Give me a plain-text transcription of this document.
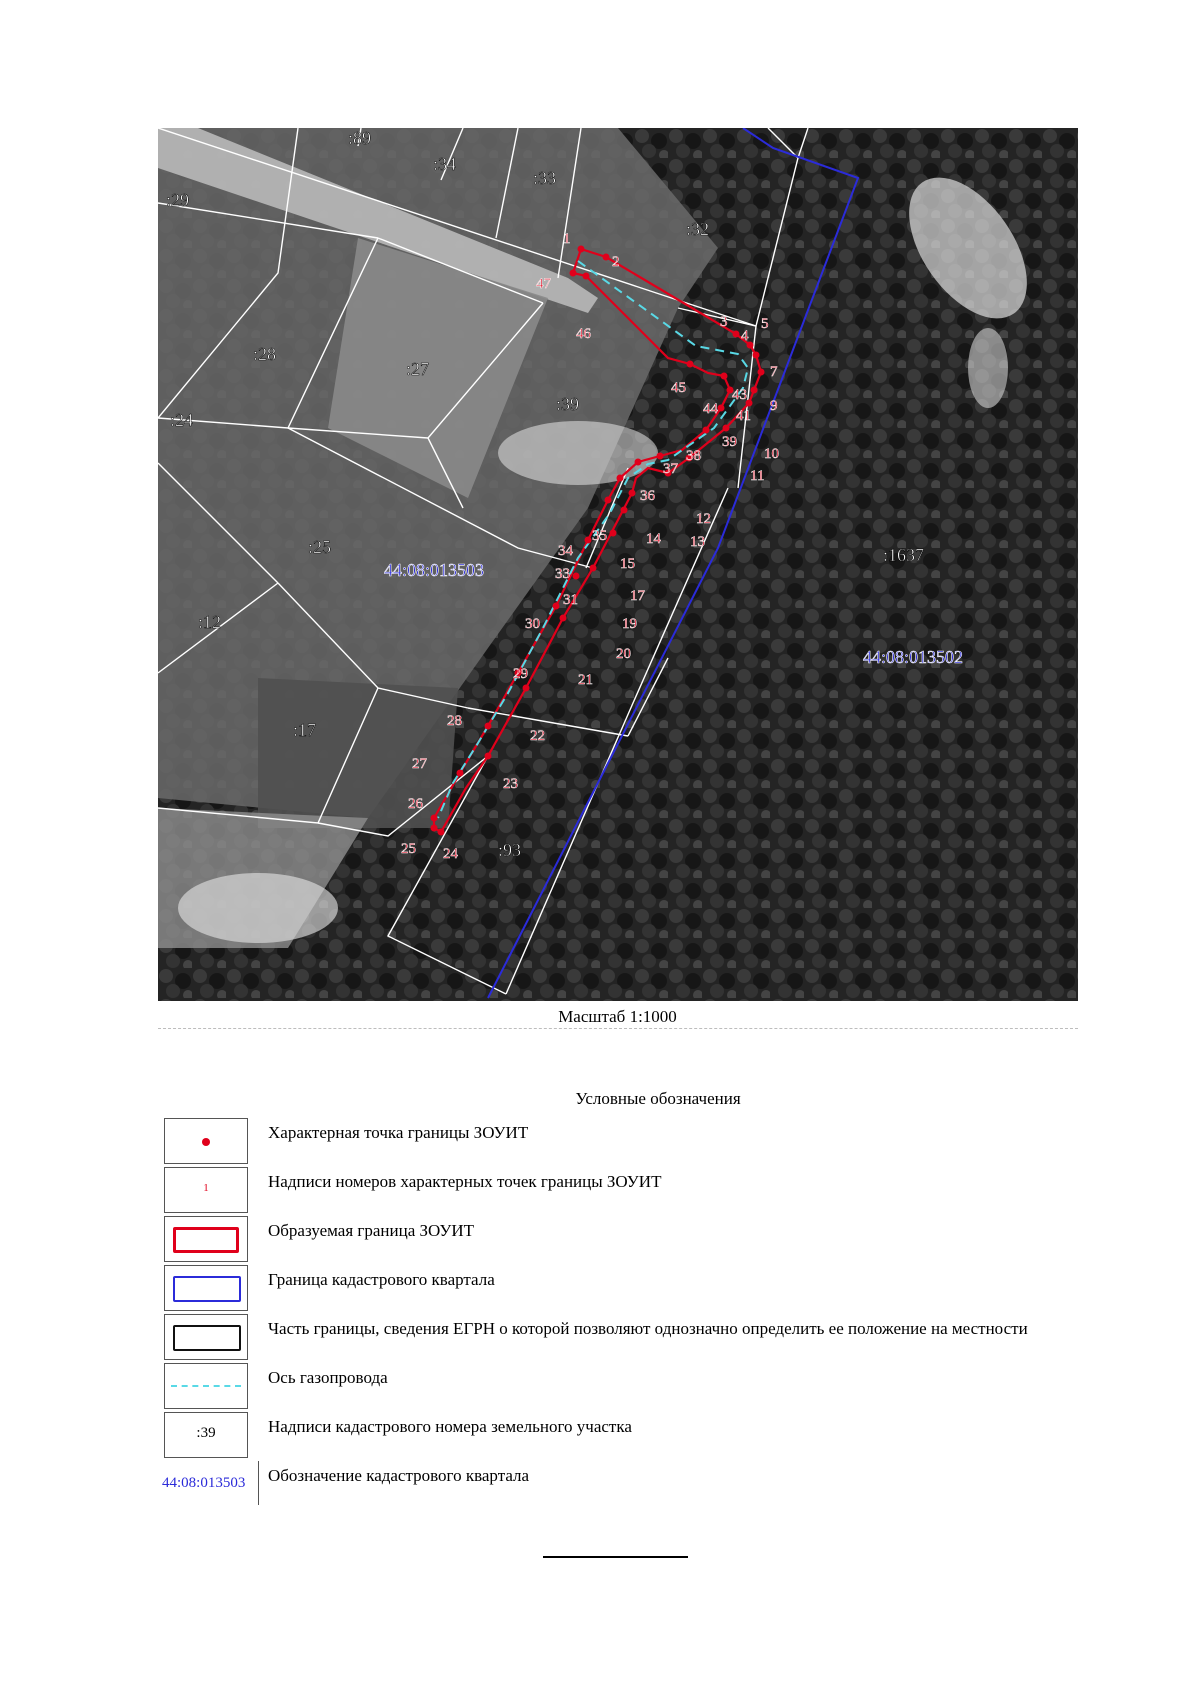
1
2
3
4
5
7
9
10
11
12
13
14
15
17
19
20
21
22
23
24
25
26
27
28
29
30
31
33
34
35
36
37
38
39
41
43
44
45
46
47
:89
:34
:33
:29
:32
:28
:27
:39
:24
:25
:12
:1637
:17
:93
44:08:013503
44:08:013502
Масштаб 1:1000
Условные обозначения
Характерная точка границы ЗОУИТ
1	Надписи номеров характерных точек границы ЗОУИТ
Образуемая граница ЗОУИТ
Граница кадастрового квартала
Часть границы, сведения ЕГРН о которой позволяют однозначно определить ее положение на местности
Ось газопровода
:39	Надписи кадастрового номера земельного участка
44:08:013503 Обозначение кадастрового квартала
